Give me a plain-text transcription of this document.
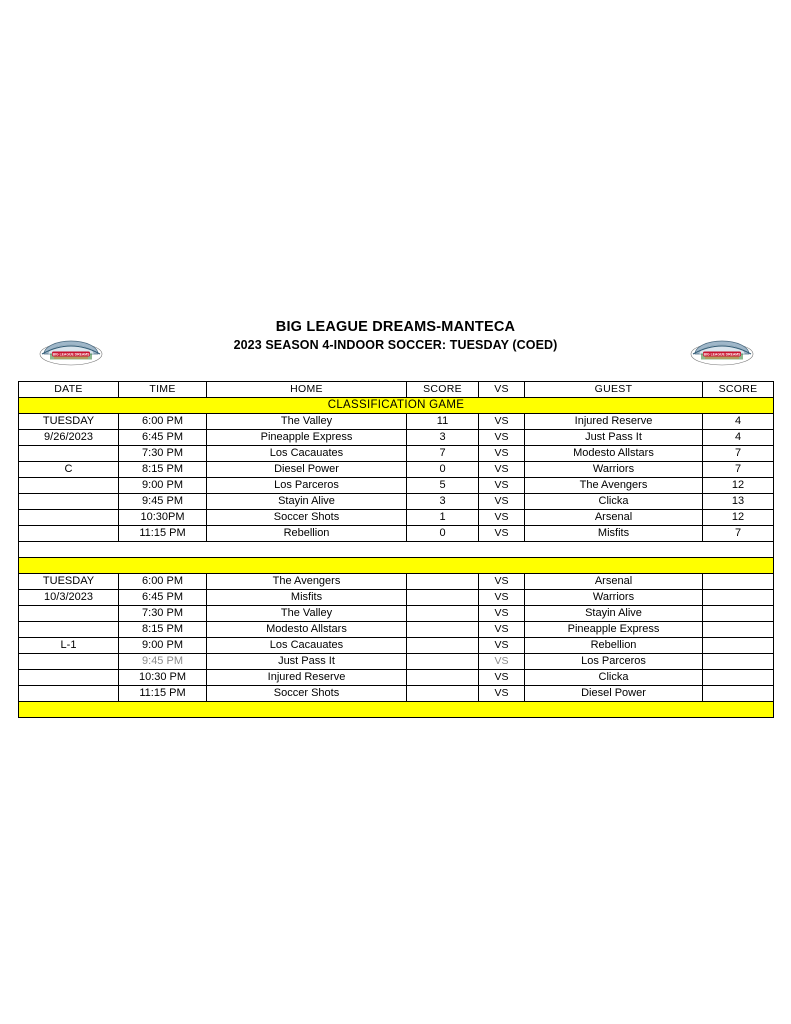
BIG LEAGUE DREAMS	BIG LEAGUE DREAMS
BIG LEAGUE DREAMS-MANTECA
2023 SEASON 4-INDOOR SOCCER: TUESDAY (COED)
DATE	TIME	HOME	SCORE	VS	GUEST	SCORE
CLASSIFICATION GAME						
TUESDAY	6:00 PM	The Valley	11	VS	Injured Reserve	4
9/26/2023	6:45 PM	Pineapple Express	3	VS	Just Pass It	4
	7:30 PM	Los Cacauates	7	VS	Modesto Allstars	7
C	8:15 PM	Diesel Power	0	VS	Warriors	7
	9:00 PM	Los Parceros	5	VS	The Avengers	12
	9:45 PM	Stayin Alive	3	VS	Clicka	13
	10:30PM	Soccer Shots	1	VS	Arsenal	12
	11:15 PM	Rebellion	0	VS	Misfits	7

TUESDAY	6:00 PM	The Avengers		VS	Arsenal	
10/3/2023	6:45 PM	Misfits		VS	Warriors	
	7:30 PM	The Valley		VS	Stayin Alive	
	8:15 PM	Modesto Allstars		VS	Pineapple Express	
L-1	9:00 PM	Los Cacauates		VS	Rebellion	
	9:45 PM	Just Pass It		VS	Los Parceros	
	10:30 PM	Injured Reserve		VS	Clicka	
	11:15 PM	Soccer Shots		VS	Diesel Power	
